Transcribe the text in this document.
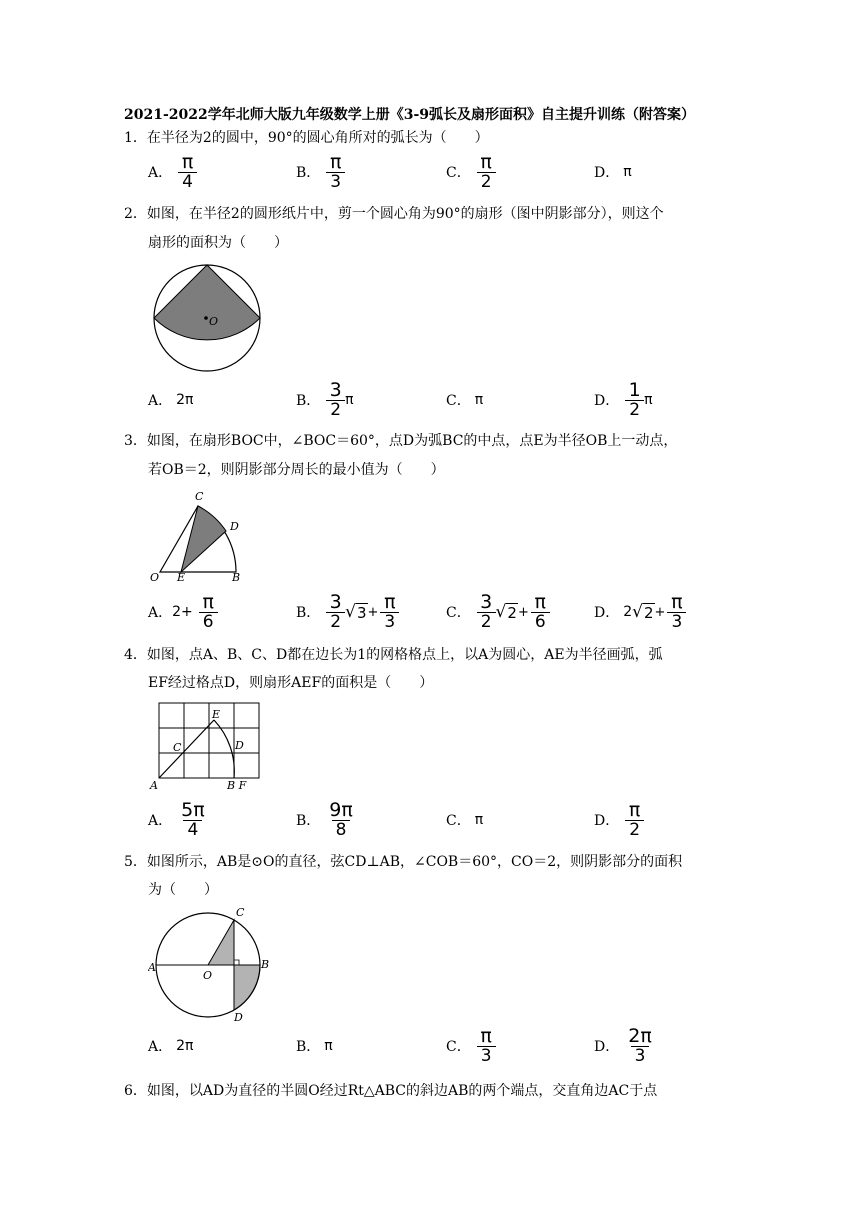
2021-2022学年北师大版九年级数学上册《3-9弧长及扇形面积》自主提升训练（附答案）
1．在半径为2的圆中，90°的圆心角所对的弧长为（　　）
A． $\frac{\pi}{4}$	B． $\frac{\pi}{3}$	C． $\frac{\pi}{2}$	D． π
2．如图，在半径2的圆形纸片中，剪一个圆心角为90°的扇形（图中阴影部分），则这个
扇形的面积为（　　）
O
A． 2π	B． $\frac{3}{2}$ π	C． π	D． $\frac{1}{2}$ π
3．如图，在扇形BOC中，∠BOC＝60°，点D为弧BC的中点，点E为半径OB上一动点，
若OB＝2，则阴影部分周长的最小值为（　　）
C
D
O E	B
A． $2+ \frac{\pi}{6}$	B． $\frac{3}{2}$ √ $3 + \frac{\pi}{3}$	C． $\frac{3}{2}$ √ $2 + \frac{\pi}{6}$	D． 2 √ $2 + \frac{\pi}{3}$
4．如图，点A、B、C、D都在边长为1的网格格点上，以A为圆心，AE为半径画弧，弧
EF经过格点D，则扇形AEF的面积是（　　）
E
C	D
A	B F
A． $\frac{5\pi}{4}$	B． $\frac{9\pi}{8}$	C． π	D． $\frac{\pi}{2}$
5．如图所示，AB是⊙O的直径，弦CD⊥AB，∠COB＝60°，CO＝2，则阴影部分的面积
为（　　）
C
A
O
B
D
A． 2π	B． π	C． $\frac{\pi}{3}$	D． $\frac{2\pi}{3}$
6．如图，以AD为直径的半圆O经过Rt△ABC的斜边AB的两个端点，交直角边AC于点
